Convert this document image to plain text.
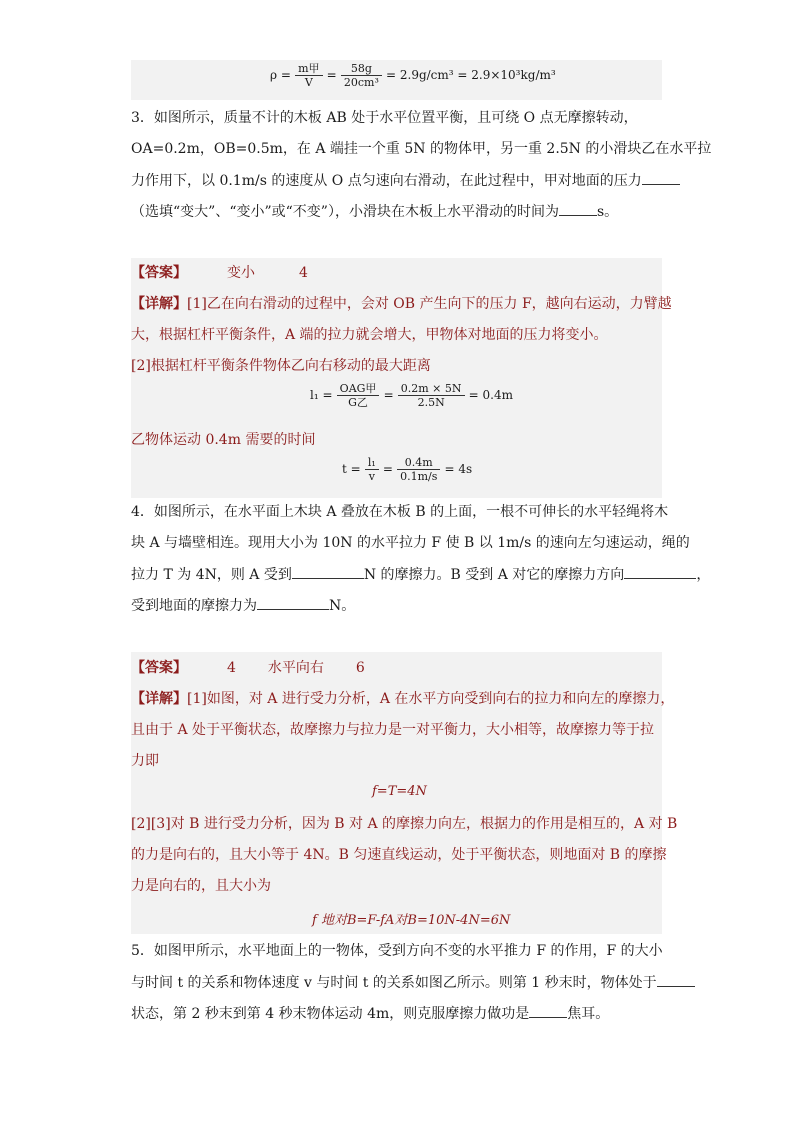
$\rho = \frac{\text{m甲}}{V} = \frac{58g}{\text{20cm³}} = 2.9g/cm^3 = 2.9\times 10^3kg/m^3$
3．如图所示，质量不计的木板 AB 处于水平位置平衡，且可绕 O 点无摩擦转动，
OA=0.2m，OB=0.5m，在 A 端挂一个重 5N 的物体甲，另一重 2.5N 的小滑块乙在水平拉
力作用下，以 0.1m/s 的速度从 O 点匀速向右滑动，在此过程中，甲对地面的压力
（选填“变大”、“变小”或“不变”），小滑块在木板上水平滑动的时间为	s。
【答案】	变小	4
【详解】[1]乙在向右滑动的过程中，会对 OB 产生向下的压力 F，越向右运动，力臂越
大，根据杠杆平衡条件，A 端的拉力就会增大，甲物体对地面的压力将变小。
[2]根据杠杆平衡条件物体乙向右移动的最大距离
$l_1 = \frac{\text{OAG甲}}{\text{G乙}} = \frac{0.2m \times 5N}{2.5N} = 0.4m$
乙物体运动 0.4m 需要的时间
$t = \frac{\text{l₁}}{v} = \frac{0.4m}{0.1m/s} = 4s$
4．如图所示，在水平面上木块 A 叠放在木板 B 的上面，一根不可伸长的水平轻绳将木
块 A 与墙壁相连。现用大小为 10N 的水平拉力 F 使 B 以 1m/s 的速向左匀速运动，绳的
拉力 T 为 4N，则 A 受到	N 的摩擦力。B 受到 A 对它的摩擦力方向	，
受到地面的摩擦力为	N。
【答案】	4 水平向右 6
【详解】[1]如图，对 A 进行受力分析，A 在水平方向受到向右的拉力和向左的摩擦力，
且由于 A 处于平衡状态，故摩擦力与拉力是一对平衡力，大小相等，故摩擦力等于拉
力即
f=T=4N
[2][3]对 B 进行受力分析，因为 B 对 A 的摩擦力向左，根据力的作用是相互的，A 对 B
的力是向右的，且大小等于 4N。B 匀速直线运动，处于平衡状态，则地面对 B 的摩擦
力是向右的，且大小为
f 地对B=F-fA对B=10N-4N=6N
5．如图甲所示，水平地面上的一物体，受到方向不变的水平推力 F 的作用，F 的大小
与时间 t 的关系和物体速度 v 与时间 t 的关系如图乙所示。则第 1 秒末时，物体处于
状态，第 2 秒末到第 4 秒末物体运动 4m，则克服摩擦力做功是	焦耳。
